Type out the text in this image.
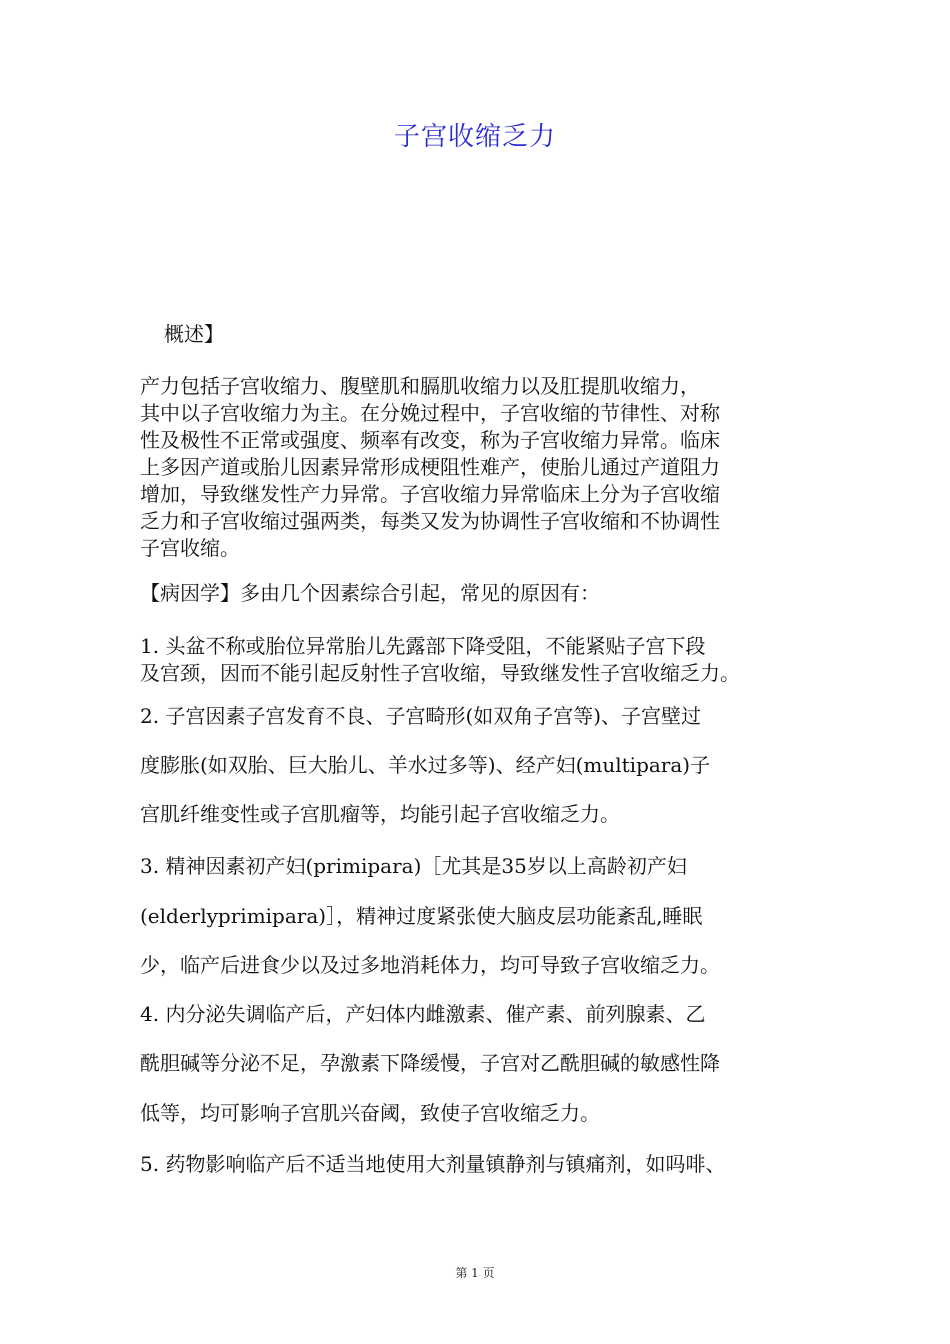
子宫收缩乏力
概述】
产力包括子宫收缩力、腹壁肌和膈肌收缩力以及肛提肌收缩力，
其中以子宫收缩力为主。在分娩过程中，子宫收缩的节律性、对称
性及极性不正常或强度、频率有改变，称为子宫收缩力异常。临床
上多因产道或胎儿因素异常形成梗阻性难产，使胎儿通过产道阻力
增加，导致继发性产力异常。子宫收缩力异常临床上分为子宫收缩
乏力和子宫收缩过强两类，每类又发为协调性子宫收缩和不协调性
子宫收缩。
【病因学】多由几个因素综合引起，常见的原因有：
1. 头盆不称或胎位异常胎儿先露部下降受阻，不能紧贴子宫下段
及宫颈，因而不能引起反射性子宫收缩，导致继发性子宫收缩乏力。
2. 子宫因素子宫发育不良、子宫畸形(如双角子宫等)、子宫壁过
度膨胀(如双胎、巨大胎儿、羊水过多等)、经产妇(multipara)子
宫肌纤维变性或子宫肌瘤等，均能引起子宫收缩乏力。
3. 精神因素初产妇(primipara)［尤其是35岁以上高龄初产妇
(elderlyprimipara)］，精神过度紧张使大脑皮层功能紊乱,睡眠
少，临产后进食少以及过多地消耗体力，均可导致子宫收缩乏力。
4. 内分泌失调临产后，产妇体内雌激素、催产素、前列腺素、乙
酰胆碱等分泌不足，孕激素下降缓慢，子宫对乙酰胆碱的敏感性降
低等，均可影响子宫肌兴奋阈，致使子宫收缩乏力。
5. 药物影响临产后不适当地使用大剂量镇静剂与镇痛剂，如吗啡、
第 1 页
